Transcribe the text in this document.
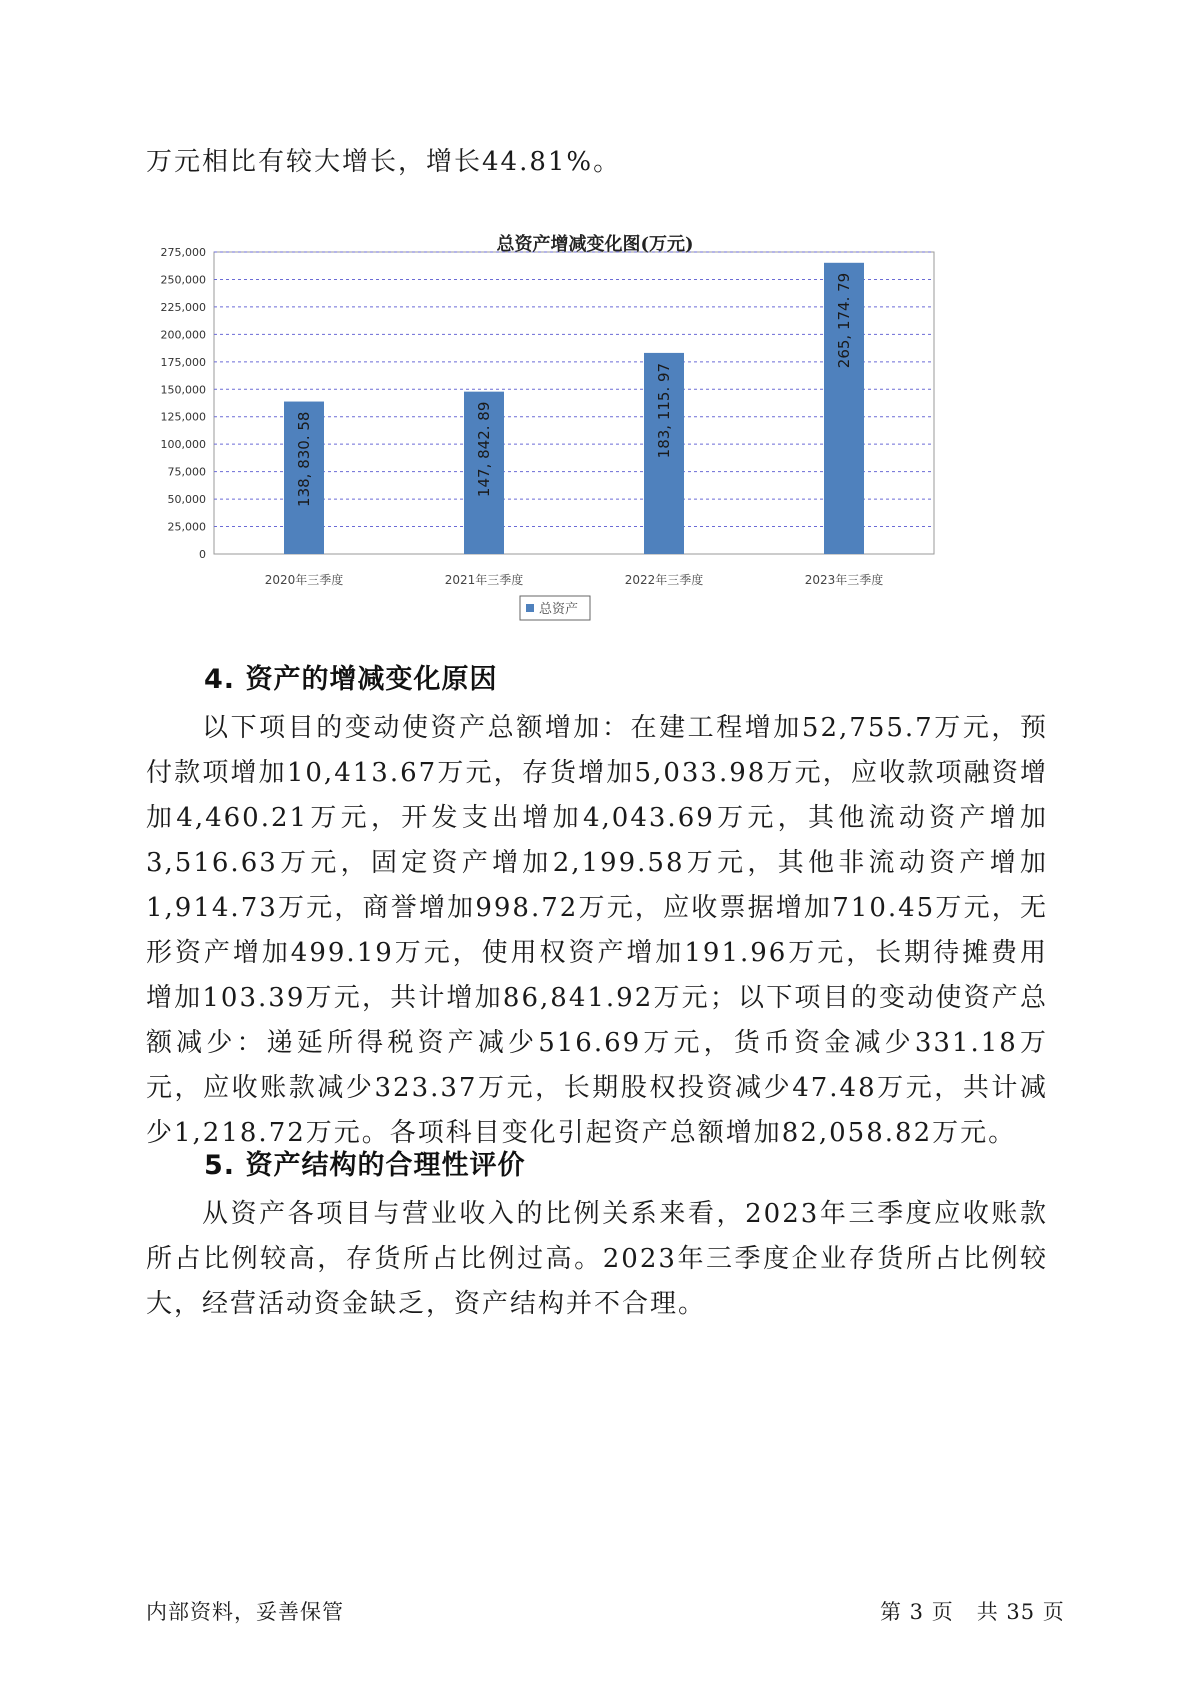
万元相比有较大增长，增长44.81%。

总资产增减变化图(万元)
0
25,000
50,000
75,000
100,000
125,000
150,000
175,000
200,000
225,000
250,000
275,000
138, 830. 58
2020年三季度
147, 842. 89
2021年三季度
183, 115. 97
2022年三季度
265, 174. 79
2023年三季度
总资产
4. 资产的增减变化原因

以下项目的变动使资产总额增加：在建工程增加52,755.7万元，预付款项增加10,413.67万元，存货增加5,033.98万元，应收款项融资增加4,460.21万元，开发支出增加4,043.69万元，其他流动资产增加3,516.63万元，固定资产增加2,199.58万元，其他非流动资产增加1,914.73万元，商誉增加998.72万元，应收票据增加710.45万元，无形资产增加499.19万元，使用权资产增加191.96万元，长期待摊费用增加103.39万元，共计增加86,841.92万元；以下项目的变动使资产总额减少：递延所得税资产减少516.69万元，货币资金减少331.18万元，应收账款减少323.37万元，长期股权投资减少47.48万元，共计减少1,218.72万元。各项科目变化引起资产总额增加82,058.82万元。

5. 资产结构的合理性评价

从资产各项目与营业收入的比例关系来看，2023年三季度应收账款所占比例较高，存货所占比例过高。2023年三季度企业存货所占比例较大，经营活动资金缺乏，资产结构并不合理。

内部资料，妥善保管	第 3 页   共 35 页
